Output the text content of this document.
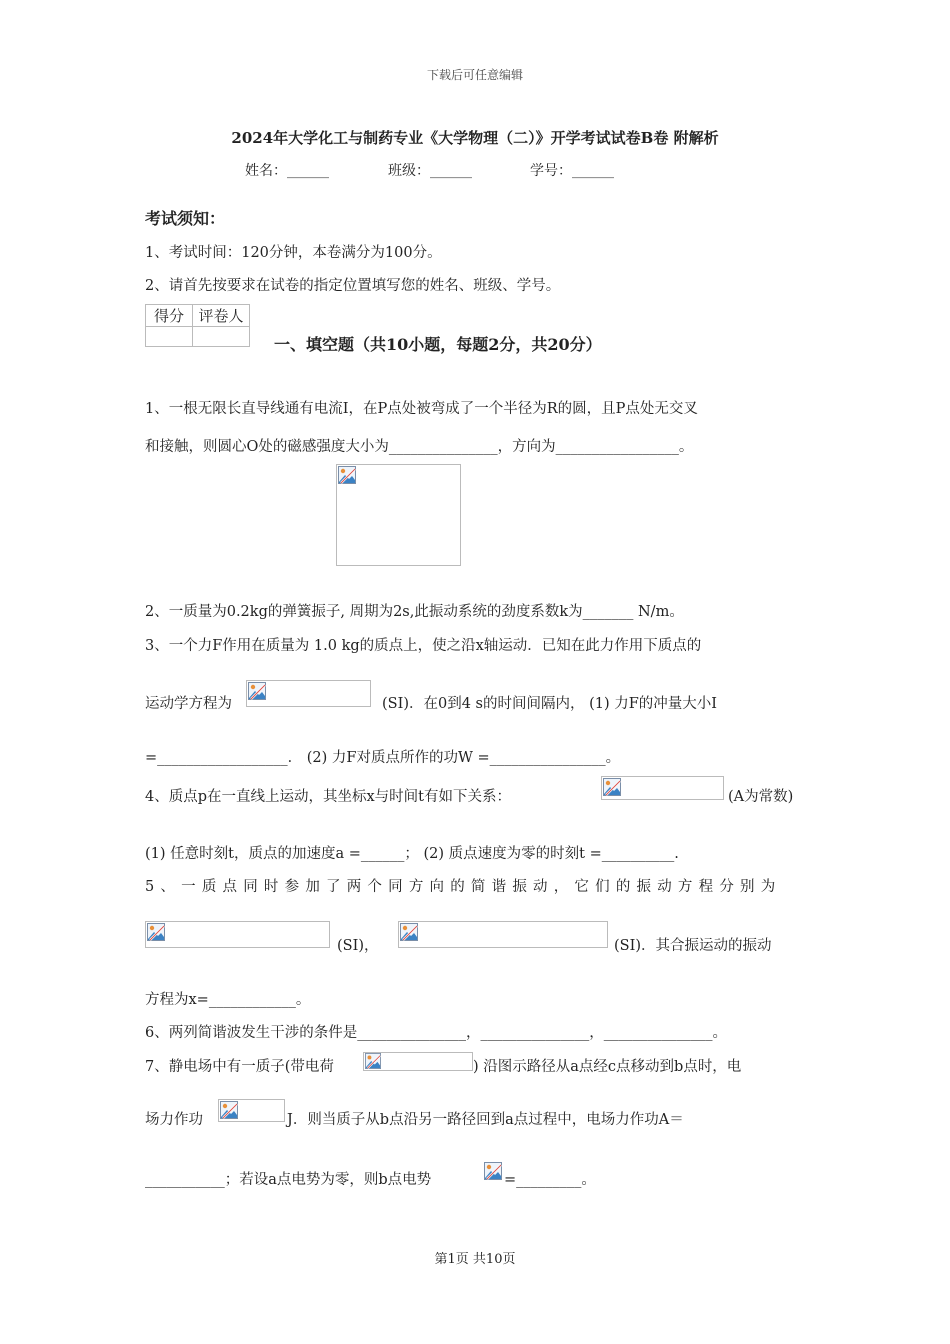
下载后可任意编辑
2024年大学化工与制药专业《大学物理（二）》开学考试试卷B卷 附解析
姓名：______	班级：______	学号：______
考试须知：
1、考试时间：120分钟，本卷满分为100分。
2、请首先按要求在试卷的指定位置填写您的姓名、班级、学号。
得分	评卷人

一、填空题（共10小题，每题2分，共20分）
1、一根无限长直导线通有电流I，在P点处被弯成了一个半径为R的圆，且P点处无交叉
和接触，则圆心O处的磁感强度大小为_______________，方向为_________________。
2、一质量为0.2kg的弹簧振子, 周期为2s,此振动系统的劲度系数k为_______ N/m。
3、一个力F作用在质量为 1.0 kg的质点上，使之沿x轴运动．已知在此力作用下质点的
运动学方程为	(SI)．在0到4 s的时间间隔内， (1) 力F的冲量大小I
=__________________． (2) 力F对质点所作的功W =________________。
4、质点p在一直线上运动，其坐标x与时间t有如下关系：	(A为常数)
(1) 任意时刻t，质点的加速度a =______； (2) 质点速度为零的时刻t =__________.
5、一质点同时参加了两个同方向的简谐振动，它们的振动方程分别为
(SI)，	(SI)．其合振运动的振动
方程为x=____________。
6、两列简谐波发生干涉的条件是_______________，_______________，_______________。
7、静电场中有一质子(带电荷	) 沿图示路径从a点经c点移动到b点时，电
场力作功	J．则当质子从b点沿另一路径回到a点过程中，电场力作功A＝
___________；若设a点电势为零，则b点电势	=_________。
第1页 共10页
